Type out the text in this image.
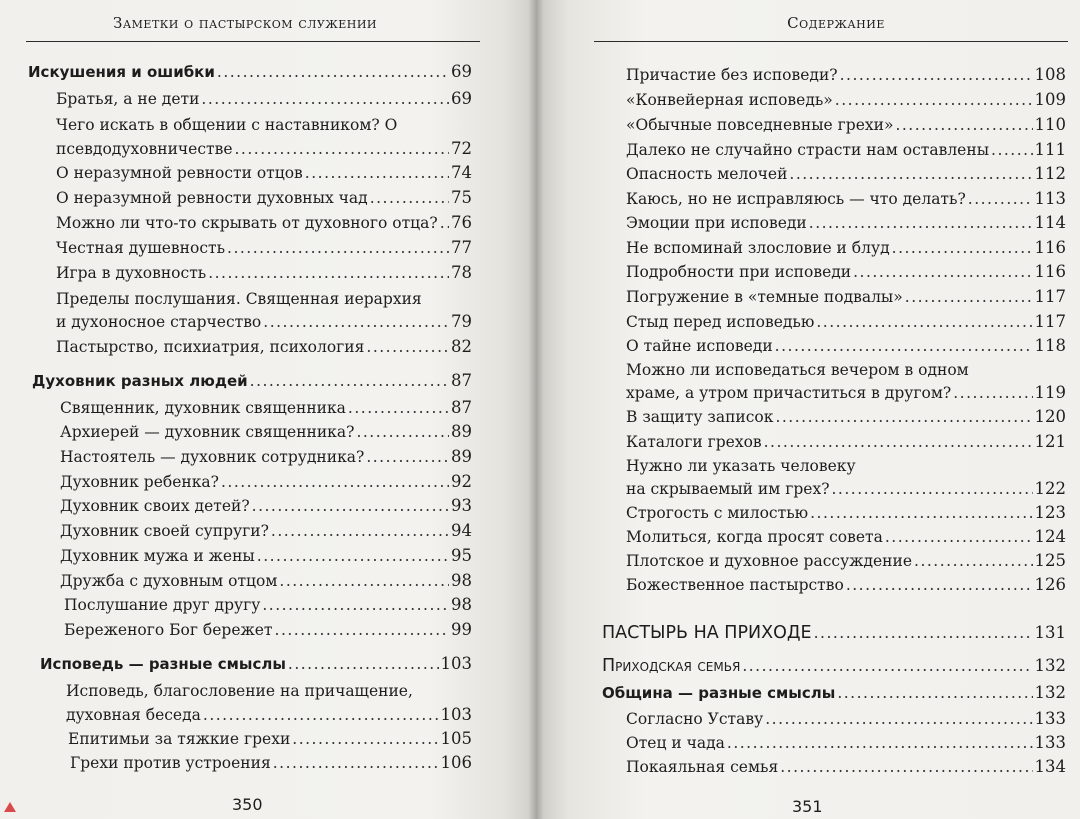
Заметки о пастырском служении
Искушения и ошибки .....	69
Братья, а не дети .....	69
Чего искать в общении с наставником? О
псевдодуховничестве .....	72
О неразумной ревности отцов .....	74
О неразумной ревности духовных чад .....	75
Можно ли что-то скрывать от духовного отца? ..... 76
Честная душевность .....	77
Игра в духовность .....	78
Пределы послушания. Священная иерархия
и духоносное старчество .....	79
Пастырство, психиатрия, психология .....	82
Духовник разных людей .....	87
Священник, духовник священника .....	87
Архиерей — духовник священника? .....	89
Настоятель — духовник сотрудника? .....	89
Духовник ребенка? .....	92
Духовник своих детей? .....	93
Духовник своей супруги? .....	94
Духовник мужа и жены .....	95
Дружба с духовным отцом .....	98
Послушание друг другу .....	98
Береженого Бог бережет .....	99
Исповедь — разные смыслы .....	103
Исповедь, благословение на причащение,
духовная беседа .....	103
Епитимьи за тяжкие грехи .....	105
Грехи против устроения .....	106
350
Содержание
Причастие без исповеди? .....	108
«Конвейерная исповедь» .....	109
«Обычные повседневные грехи» .....	110
Далеко не случайно страсти нам оставлены .....	111
Опасность мелочей .....	112
Каюсь, но не исправляюсь — что делать? .....	113
Эмоции при исповеди .....	114
Не вспоминай злословие и блуд .....	116
Подробности при исповеди .....	116
Погружение в «темные подвалы» .....	117
Стыд перед исповедью .....	117
О тайне исповеди .....	118
Можно ли исповедаться вечером в одном
храме, а утром причаститься в другом? .....	119
В защиту записок .....	120
Каталоги грехов .....	121
Нужно ли указать человеку
на скрываемый им грех? .....	122
Строгость с милостью .....	123
Молиться, когда просят совета .....	124
Плотское и духовное рассуждение .....	125
Божественное пастырство .....	126
ПАСТЫРЬ НА ПРИХОДЕ .....	131
Приходская семья .....	132
Община — разные смыслы .....	132
Согласно Уставу .....	133
Отец и чада .....	133
Покаяльная семья .....	134
351
